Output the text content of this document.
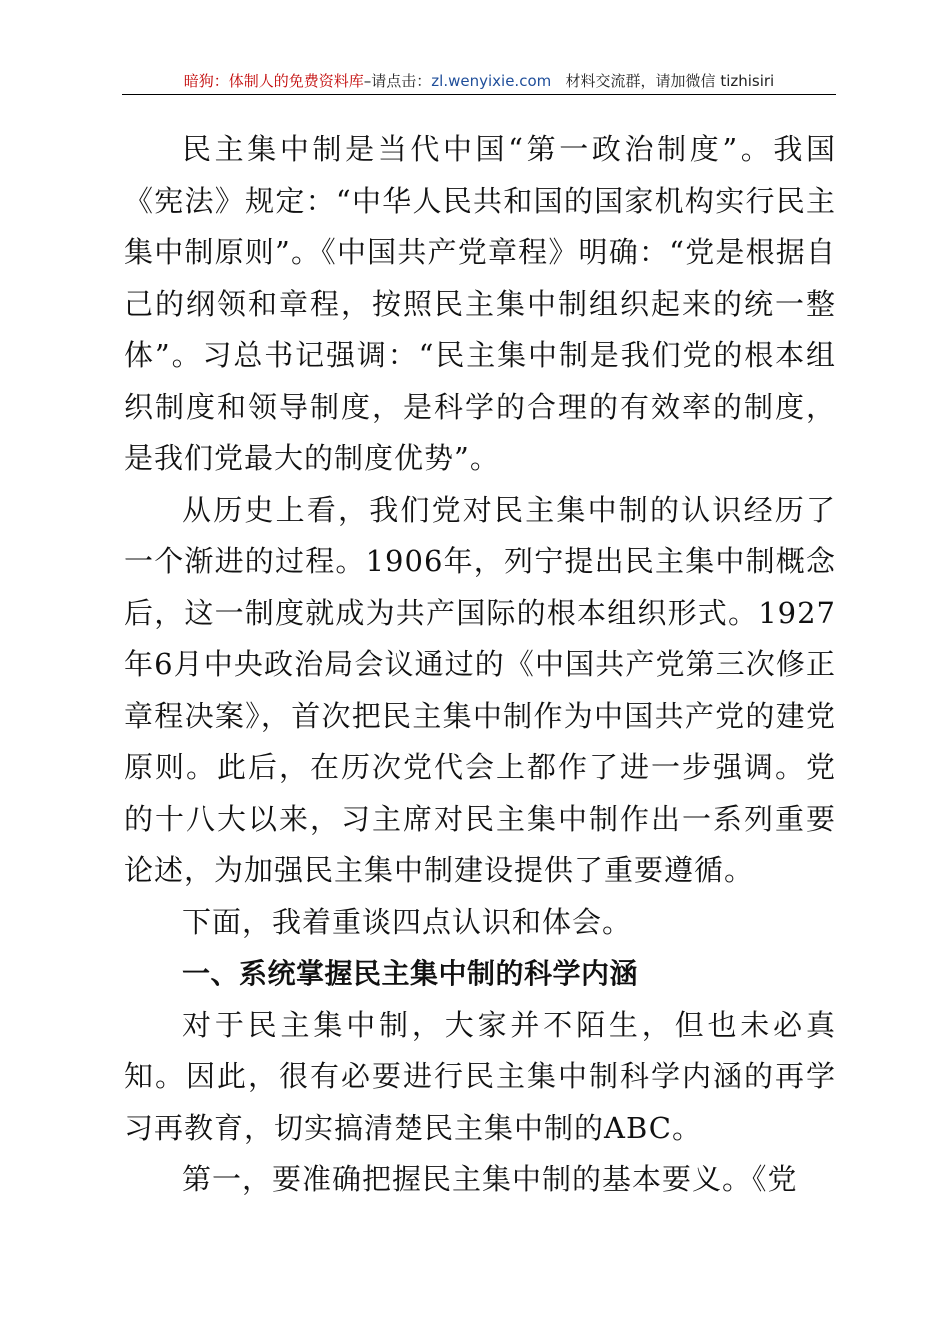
暗狗：体制人的免费资料库–请点击：zl.wenyixie.com 材料交流群，请加微信 tizhisiri

民主集中制是当代中国“第一政治制度”。我国《宪法》规定：“中华人民共和国的国家机构实行民主集中制原则”。《中国共产党章程》明确：“党是根据自己的纲领和章程，按照民主集中制组织起来的统一整体”。习总书记强调：“民主集中制是我们党的根本组织制度和领导制度，是科学的合理的有效率的制度，是我们党最大的制度优势”。

从历史上看，我们党对民主集中制的认识经历了一个渐进的过程。1906年，列宁提出民主集中制概念后，这一制度就成为共产国际的根本组织形式。1927年6月中央政治局会议通过的《中国共产党第三次修正章程决案》，首次把民主集中制作为中国共产党的建党原则。此后，在历次党代会上都作了进一步强调。党的十八大以来，习主席对民主集中制作出一系列重要论述，为加强民主集中制建设提供了重要遵循。

下面，我着重谈四点认识和体会。

一、系统掌握民主集中制的科学内涵

对于民主集中制，大家并不陌生，但也未必真知。因此，很有必要进行民主集中制科学内涵的再学习再教育，切实搞清楚民主集中制的ABC。

第一，要准确把握民主集中制的基本要义。《党
